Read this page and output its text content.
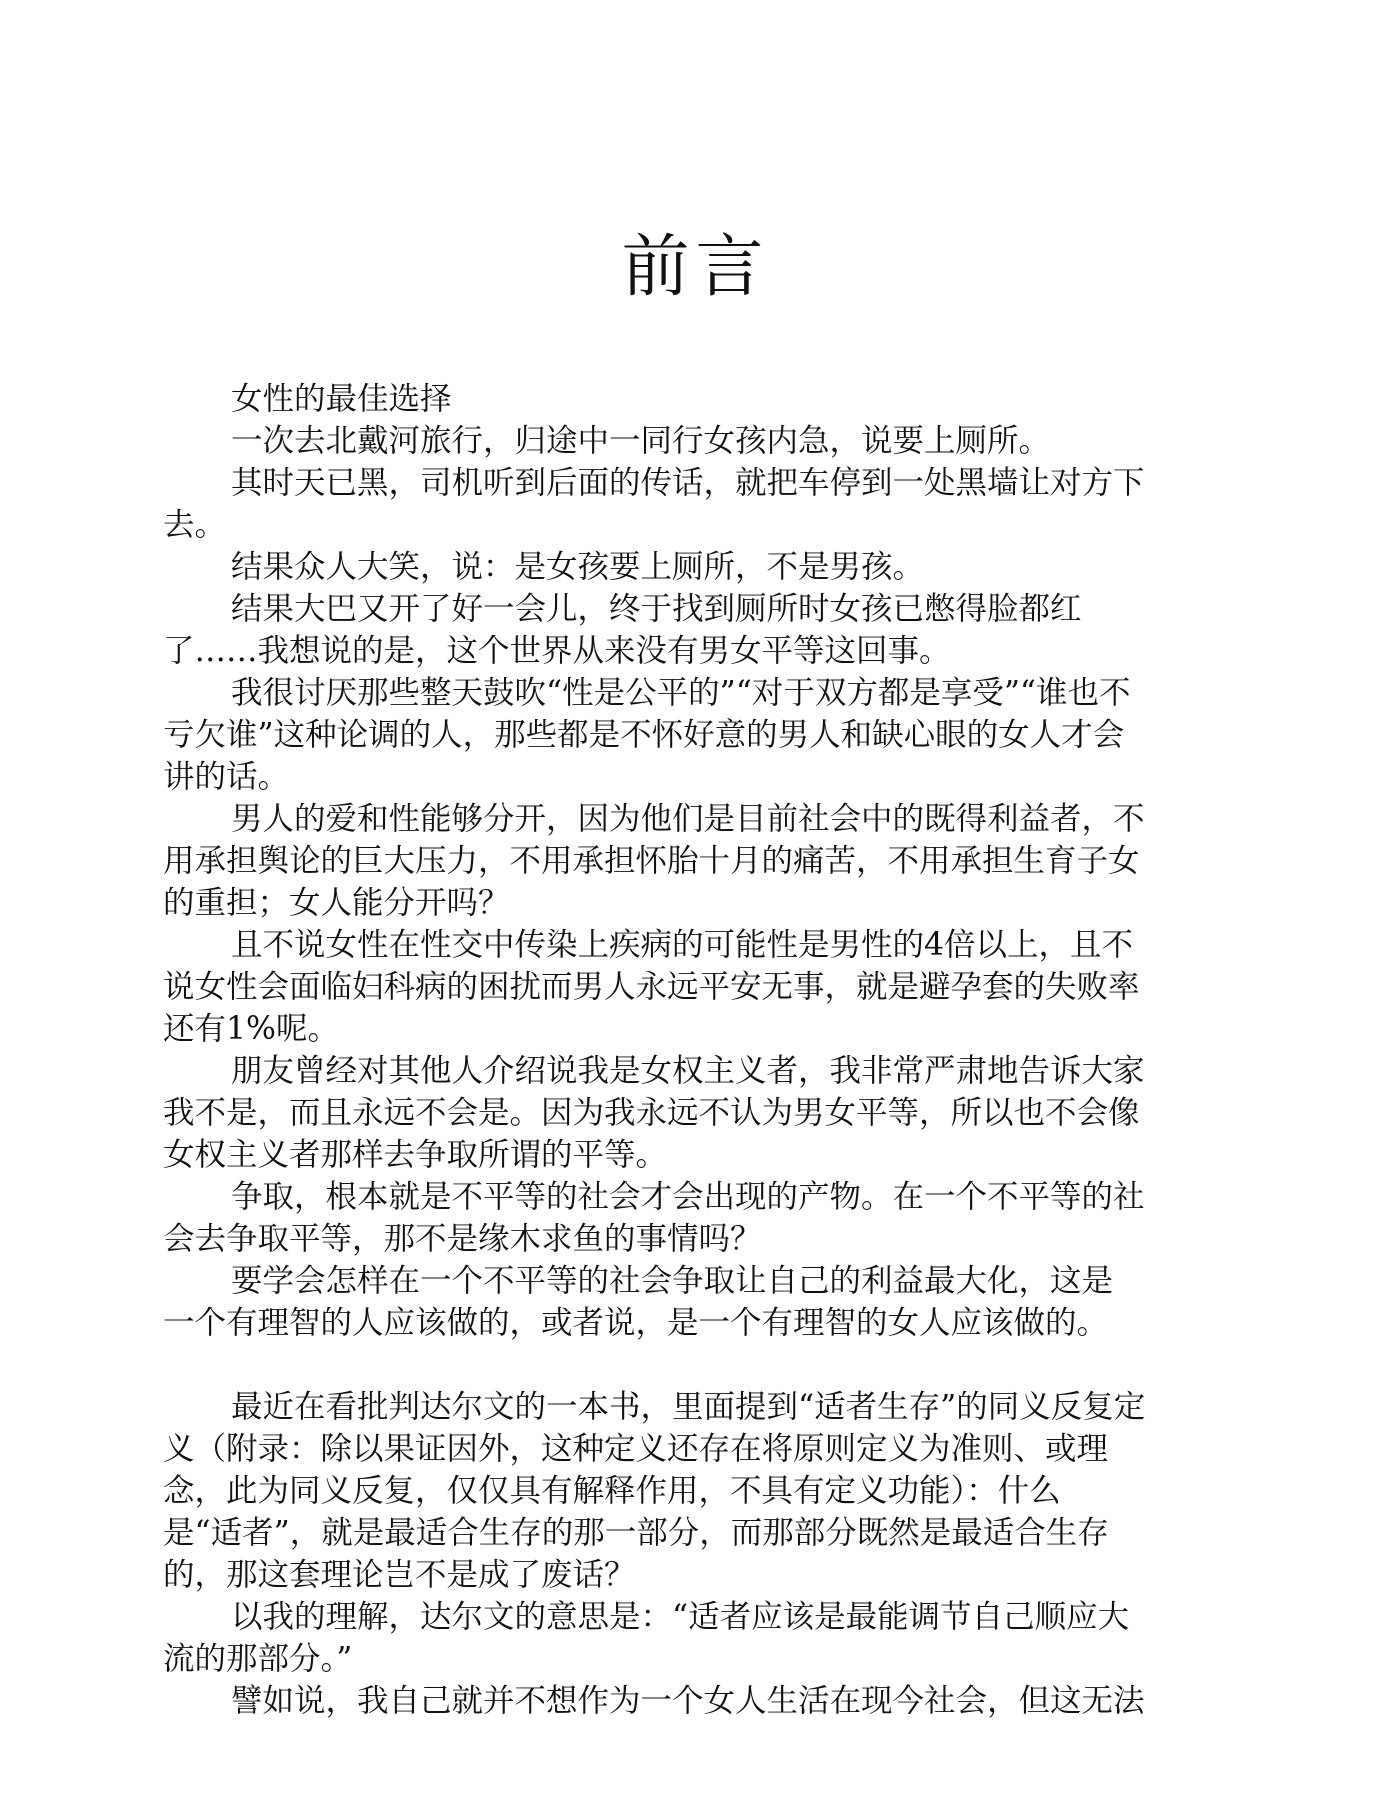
前言
女性的最佳选择
一次去北戴河旅行，归途中一同行女孩内急，说要上厕所。
其时天已黑，司机听到后面的传话，就把车停到一处黑墙让对方下
去。
结果众人大笑，说：是女孩要上厕所，不是男孩。
结果大巴又开了好一会儿，终于找到厕所时女孩已憋得脸都红
了……我想说的是，这个世界从来没有男女平等这回事。
我很讨厌那些整天鼓吹“性是公平的”“对于双方都是享受”“谁也不
亏欠谁”这种论调的人，那些都是不怀好意的男人和缺心眼的女人才会
讲的话。
男人的爱和性能够分开，因为他们是目前社会中的既得利益者，不
用承担舆论的巨大压力，不用承担怀胎十月的痛苦，不用承担生育子女
的重担；女人能分开吗？
且不说女性在性交中传染上疾病的可能性是男性的4倍以上，且不
说女性会面临妇科病的困扰而男人永远平安无事，就是避孕套的失败率
还有1%呢。
朋友曾经对其他人介绍说我是女权主义者，我非常严肃地告诉大家
我不是，而且永远不会是。因为我永远不认为男女平等，所以也不会像
女权主义者那样去争取所谓的平等。
争取，根本就是不平等的社会才会出现的产物。在一个不平等的社
会去争取平等，那不是缘木求鱼的事情吗？
要学会怎样在一个不平等的社会争取让自己的利益最大化，这是
一个有理智的人应该做的，或者说，是一个有理智的女人应该做的。
最近在看批判达尔文的一本书，里面提到“适者生存”的同义反复定
义（附录：除以果证因外，这种定义还存在将原则定义为准则、或理
念，此为同义反复，仅仅具有解释作用，不具有定义功能）：什么
是“适者”，就是最适合生存的那一部分，而那部分既然是最适合生存
的，那这套理论岂不是成了废话？
以我的理解，达尔文的意思是：“适者应该是最能调节自己顺应大
流的那部分。”
譬如说，我自己就并不想作为一个女人生活在现今社会，但这无法
